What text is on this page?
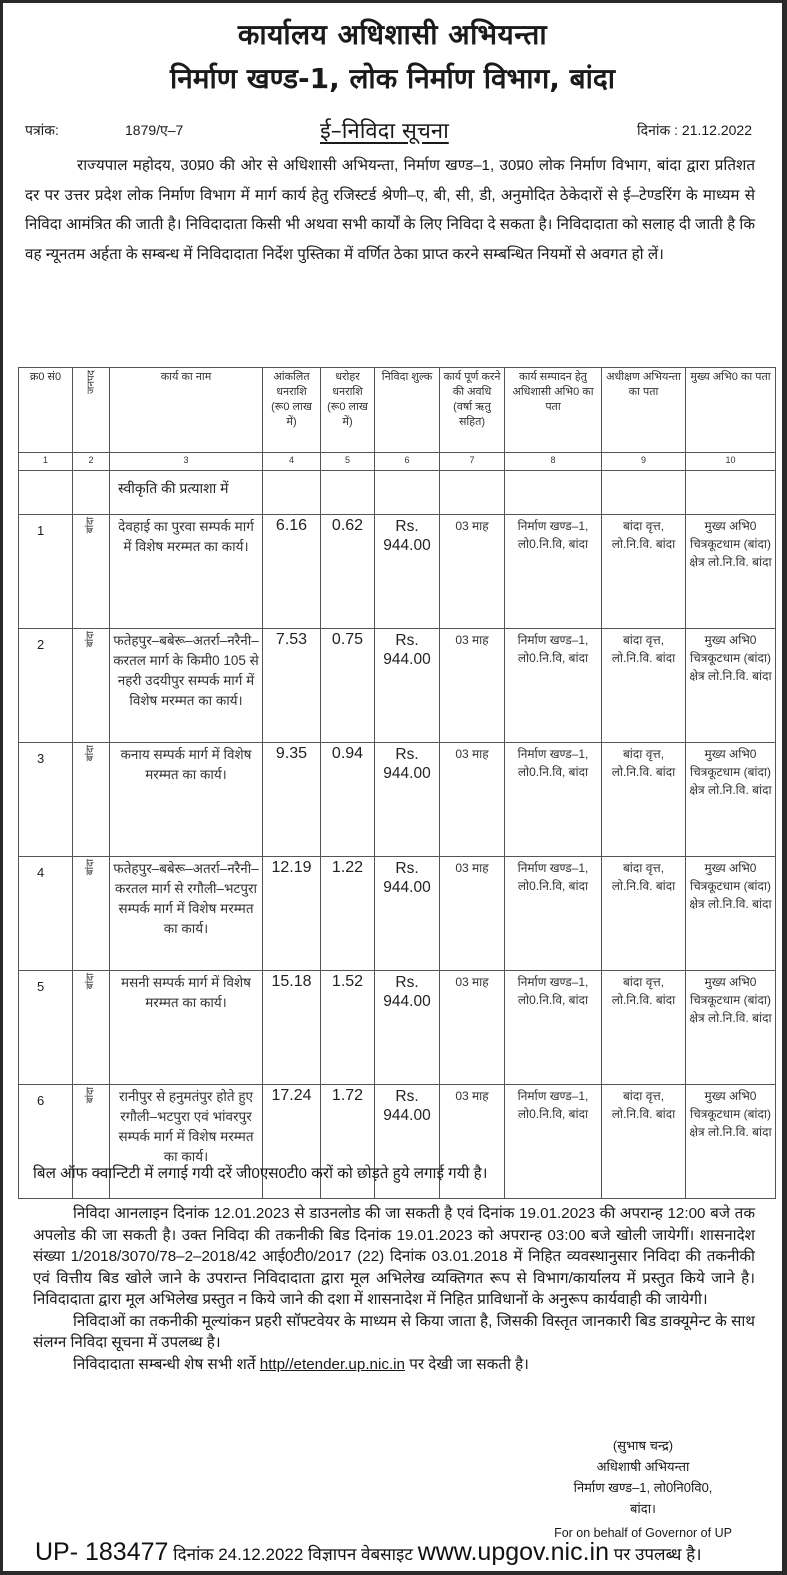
कार्यालय अधिशासी अभियन्ता
निर्माण खण्ड-1, लोक निर्माण विभाग, बांदा
पत्रांक:	1879/ए–7	ई–निविदा सूचना	दिनांक : 21.12.2022
राज्यपाल महोदय, उ0प्र0 की ओर से अधिशासी अभियन्ता, निर्माण खण्ड–1, उ0प्र0 लोक निर्माण विभाग, बांदा द्वारा प्रतिशत दर पर उत्तर प्रदेश लोक निर्माण विभाग में मार्ग कार्य हेतु रजिस्टर्ड श्रेणी–ए, बी, सी, डी, अनुमोदित ठेकेदारों से ई–टेण्डरिंग के माध्यम से निविदा आमंत्रित की जाती है। निविदादाता किसी भी अथवा सभी कार्यों के लिए निविदा दे सकता है। निविदादाता को सलाह दी जाती है कि वह न्यूनतम अर्हता के सम्बन्ध में निविदादाता निर्देश पुस्तिका में वर्णित ठेका प्राप्त करने सम्बन्धित नियमों से अवगत हो लें।
क्र0 सं0	जनपद	कार्य का नाम	आंकलित धनराशि (रू0 लाख में)	धरोहर धनराशि (रू0 लाख में)	निविदा शुल्क	कार्य पूर्ण करने की अवधि (वर्षा ऋतु सहित)	कार्य सम्पादन हेतु अधिशासी अभि0 का पता	अधीक्षण अभियन्ता का पता	मुख्य अभि0 का पता
1	2	3	4	5	6	7	8	9	10
		स्वीकृति की प्रत्याशा में							
1	बांदा	देवहाई का पुरवा सम्पर्क मार्ग में विशेष मरम्मत का कार्य।	6.16	0.62	Rs. 944.00	03 माह	निर्माण खण्ड–1, लो0.नि.वि, बांदा	बांदा वृत्त, लो.नि.वि. बांदा	मुख्य अभि0 चित्रकूटधाम (बांदा) क्षेत्र लो.नि.वि. बांदा
2	बांदा	फतेहपुर–बबेरू–अतर्रा–नरैनी–करतल मार्ग के किमी0 105 से नहरी उदयीपुर सम्पर्क मार्ग में विशेष मरम्मत का कार्य।	7.53	0.75	Rs. 944.00	03 माह	निर्माण खण्ड–1, लो0.नि.वि, बांदा	बांदा वृत्त, लो.नि.वि. बांदा	मुख्य अभि0 चित्रकूटधाम (बांदा) क्षेत्र लो.नि.वि. बांदा
3	बांदा	कनाय सम्पर्क मार्ग में विशेष मरम्मत का कार्य।	9.35	0.94	Rs. 944.00	03 माह	निर्माण खण्ड–1, लो0.नि.वि, बांदा	बांदा वृत्त, लो.नि.वि. बांदा	मुख्य अभि0 चित्रकूटधाम (बांदा) क्षेत्र लो.नि.वि. बांदा
4	बांदा	फतेहपुर–बबेरू–अतर्रा–नरैनी–करतल मार्ग से रगौली–भटपुरा सम्पर्क मार्ग में विशेष मरम्मत का कार्य।	12.19	1.22	Rs. 944.00	03 माह	निर्माण खण्ड–1, लो0.नि.वि, बांदा	बांदा वृत्त, लो.नि.वि. बांदा	मुख्य अभि0 चित्रकूटधाम (बांदा) क्षेत्र लो.नि.वि. बांदा
5	बांदा	मसनी सम्पर्क मार्ग में विशेष मरम्मत का कार्य।	15.18	1.52	Rs. 944.00	03 माह	निर्माण खण्ड–1, लो0.नि.वि, बांदा	बांदा वृत्त, लो.नि.वि. बांदा	मुख्य अभि0 चित्रकूटधाम (बांदा) क्षेत्र लो.नि.वि. बांदा
6	बांदा	रानीपुर से हनुमतंपुर होते हुए रगौली–भटपुरा एवं भांवरपुर सम्पर्क मार्ग में विशेष मरम्मत का कार्य।	17.24	1.72	Rs. 944.00	03 माह	निर्माण खण्ड–1, लो0.नि.वि, बांदा	बांदा वृत्त, लो.नि.वि. बांदा	मुख्य अभि0 चित्रकूटधाम (बांदा) क्षेत्र लो.नि.वि. बांदा
बिल ऑफ क्वान्टिटी में लगाई गयी दरें जी0एस0टी0 करों को छोड़ते हुये लगाई गयी है।

निविदा आनलाइन दिनांक 12.01.2023 से डाउनलोड की जा सकती है एवं दिनांक 19.01.2023 की अपरान्ह 12:00 बजे तक अपलोड की जा सकती है। उक्त निविदा की तकनीकी बिड दिनांक 19.01.2023 को अपरान्ह 03:00 बजे खोली जायेगीं। शासनादेश संख्या 1/2018/3070/78–2–2018/42 आई0टी0/2017 (22) दिनांक 03.01.2018 में निहित व्यवस्थानुसार निविदा की तकनीकी एवं वित्तीय बिड खोले जाने के उपरान्त निविदादाता द्वारा मूल अभिलेख व्यक्तिगत रूप से विभाग/कार्यालय में प्रस्तुत किये जाने है। निविदादाता द्वारा मूल अभिलेख प्रस्तुत न किये जाने की दशा में शासनादेश में निहित प्राविधानों के अनुरूप कार्यवाही की जायेगी।

निविदाओं का तकनीकी मूल्यांकन प्रहरी सॉफ्टवेयर के माध्यम से किया जाता है, जिसकी विस्तृत जानकारी बिड डाक्यूमेन्ट के साथ संलग्न निविदा सूचना में उपलब्ध है।

निविदादाता सम्बन्धी शेष सभी शर्ते http//etender.up.nic.in पर देखी जा सकती है।

(सुभाष चन्द्र)
अधिशाषी अभियन्ता
निर्माण खण्ड–1, लो0नि0वि0,
बांदा।
For on behalf of Governor of UP
UP- 183477 दिनांक 24.12.2022 विज्ञापन वेबसाइट www.upgov.nic.in पर उपलब्ध है।
